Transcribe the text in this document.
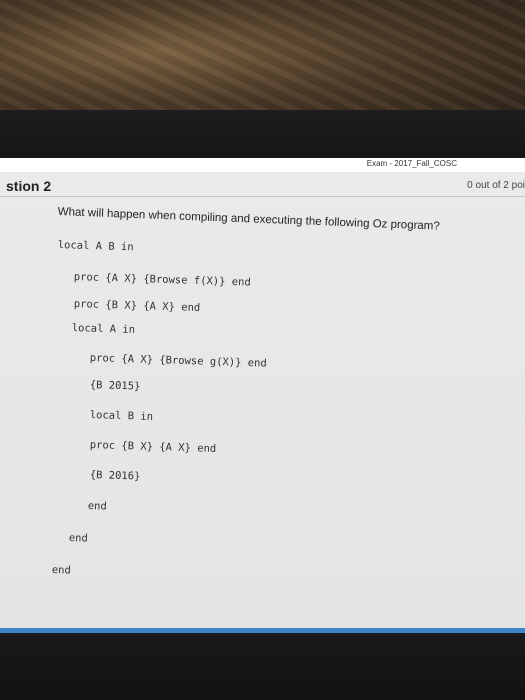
Exam - 2017_Fall_COSC
stion 2	0 out of 2 poi
What will happen when compiling and executing the following Oz program?
local A B in
proc {A X} {Browse f(X)} end
proc {B X} {A X} end
local A in
proc {A X} {Browse g(X)} end
{B 2015}
local B in
proc {B X} {A X} end
{B 2016}
end
end
end
